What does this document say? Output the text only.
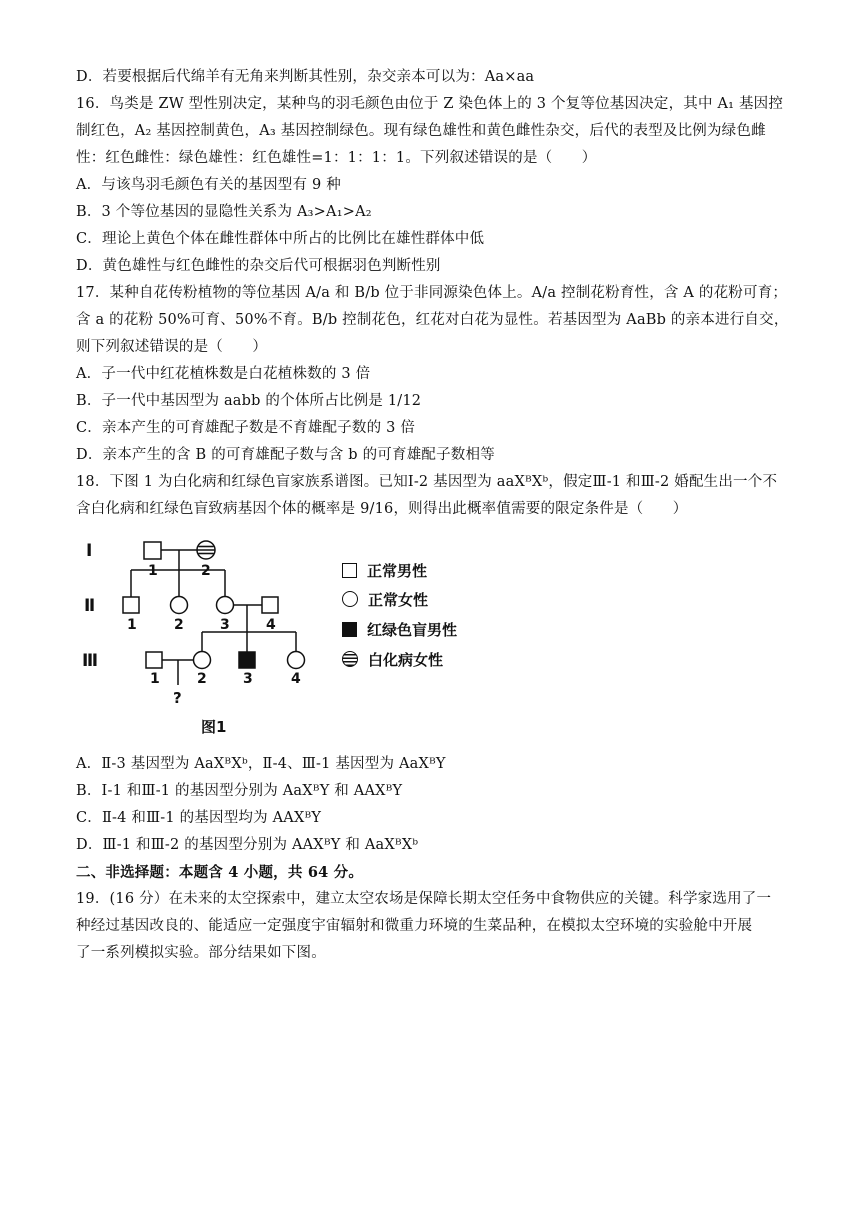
D．若要根据后代绵羊有无角来判断其性别，杂交亲本可以为：Aa×aa
16．鸟类是 ZW 型性别决定，某种鸟的羽毛颜色由位于 Z 染色体上的 3 个复等位基因决定，其中 A₁ 基因控
制红色，A₂ 基因控制黄色，A₃ 基因控制绿色。现有绿色雄性和黄色雌性杂交，后代的表型及比例为绿色雌
性：红色雌性：绿色雄性：红色雄性=1：1：1：1。下列叙述错误的是（　　）
A．与该鸟羽毛颜色有关的基因型有 9 种
B．3 个等位基因的显隐性关系为 A₃>A₁>A₂
C．理论上黄色个体在雌性群体中所占的比例比在雄性群体中低
D．黄色雄性与红色雌性的杂交后代可根据羽色判断性别
17．某种自花传粉植物的等位基因 A/a 和 B/b 位于非同源染色体上。A/a 控制花粉育性，含 A 的花粉可育；
含 a 的花粉 50%可育、50%不育。B/b 控制花色，红花对白花为显性。若基因型为 AaBb 的亲本进行自交，
则下列叙述错误的是（　　）
A．子一代中红花植株数是白花植株数的 3 倍
B．子一代中基因型为 aabb 的个体所占比例是 1/12
C．亲本产生的可育雄配子数是不育雄配子数的 3 倍
D．亲本产生的含 B 的可育雄配子数与含 b 的可育雄配子数相等
18．下图 1 为白化病和红绿色盲家族系谱图。已知Ⅰ-2 基因型为 aaXᴮXᵇ，假定Ⅲ-1 和Ⅲ-2 婚配生出一个不
含白化病和红绿色盲致病基因个体的概率是 9/16，则得出此概率值需要的限定条件是（　　）
Ⅰ
Ⅱ
Ⅲ
1	2
1	2	3	4
1	2	3	4
?
图1
正常男性
正常女性
红绿色盲男性
白化病女性
A．Ⅱ-3 基因型为 AaXᴮXᵇ，Ⅱ-4、Ⅲ-1 基因型为 AaXᴮY
B．Ⅰ-1 和Ⅲ-1 的基因型分别为 AaXᴮY 和 AAXᴮY
C．Ⅱ-4 和Ⅲ-1 的基因型均为 AAXᴮY
D．Ⅲ-1 和Ⅲ-2 的基因型分别为 AAXᴮY 和 AaXᴮXᵇ
二、非选择题：本题含 4 小题，共 64 分。
19．(16 分）在未来的太空探索中，建立太空农场是保障长期太空任务中食物供应的关键。科学家选用了一
种经过基因改良的、能适应一定强度宇宙辐射和微重力环境的生菜品种，在模拟太空环境的实验舱中开展
了一系列模拟实验。部分结果如下图。
